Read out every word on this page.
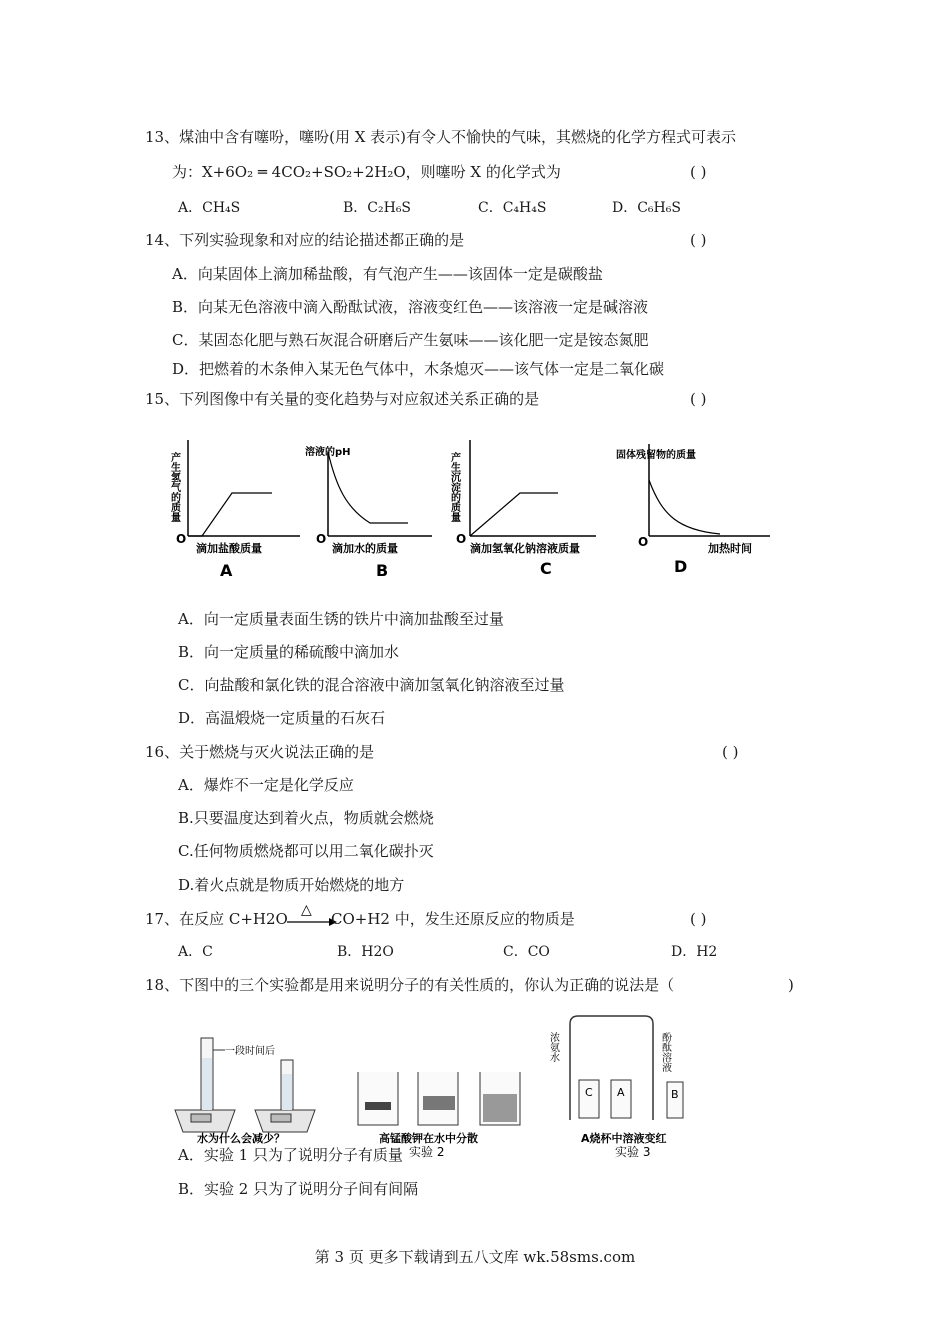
13、煤油中含有噻吩，噻吩(用 X 表示)有令人不愉快的气味，其燃烧的化学方程式可表示
为：X+6O₂ ═ 4CO₂+SO₂+2H₂O，则噻吩 X 的化学式为	( )
A．CH₄S	B．C₂H₆S	C．C₄H₄S	D．C₆H₆S
14、下列实验现象和对应的结论描述都正确的是	( )
A．向某固体上滴加稀盐酸，有气泡产生——该固体一定是碳酸盐
B．向某无色溶液中滴入酚酞试液，溶液变红色——该溶液一定是碱溶液
C．某固态化肥与熟石灰混合研磨后产生氨味——该化肥一定是铵态氮肥
D．把燃着的木条伸入某无色气体中，木条熄灭——该气体一定是二氧化碳
15、下列图像中有关量的变化趋势与对应叙述关系正确的是	( )
O
产生氢气的质量
滴加盐酸质量
A
O
溶液的pH
滴加水的质量
B
O
产生沉淀的质量
滴加氢氧化钠溶液质量
C
O
固体残留物的质量
加热时间
D
A．向一定质量表面生锈的铁片中滴加盐酸至过量
B．向一定质量的稀硫酸中滴加水
C．向盐酸和氯化铁的混合溶液中滴加氢氧化钠溶液至过量
D．高温煅烧一定质量的石灰石
16、关于燃烧与灭火说法正确的是	( )
A．爆炸不一定是化学反应
B.只要温度达到着火点，物质就会燃烧
C.任何物质燃烧都可以用二氧化碳扑灭
D.着火点就是物质开始燃烧的地方
17、在反应 C+H2O △ CO+H2 中，发生还原反应的物质是	( )
A．C	B．H2O	C．CO	D．H2
18、下图中的三个实验都是用来说明分子的有关性质的，你认为正确的说法是（	)
一段时间后
水为什么会减少？	高锰酸钾在水中分散
实验 2
C A	B
浓氨水	酚酞溶液
A烧杯中溶液变红
实验 3
A．实验 1 只为了说明分子有质量
B．实验 2 只为了说明分子间有间隔
第 3 页 更多下载请到五八文库 wk.58sms.com
